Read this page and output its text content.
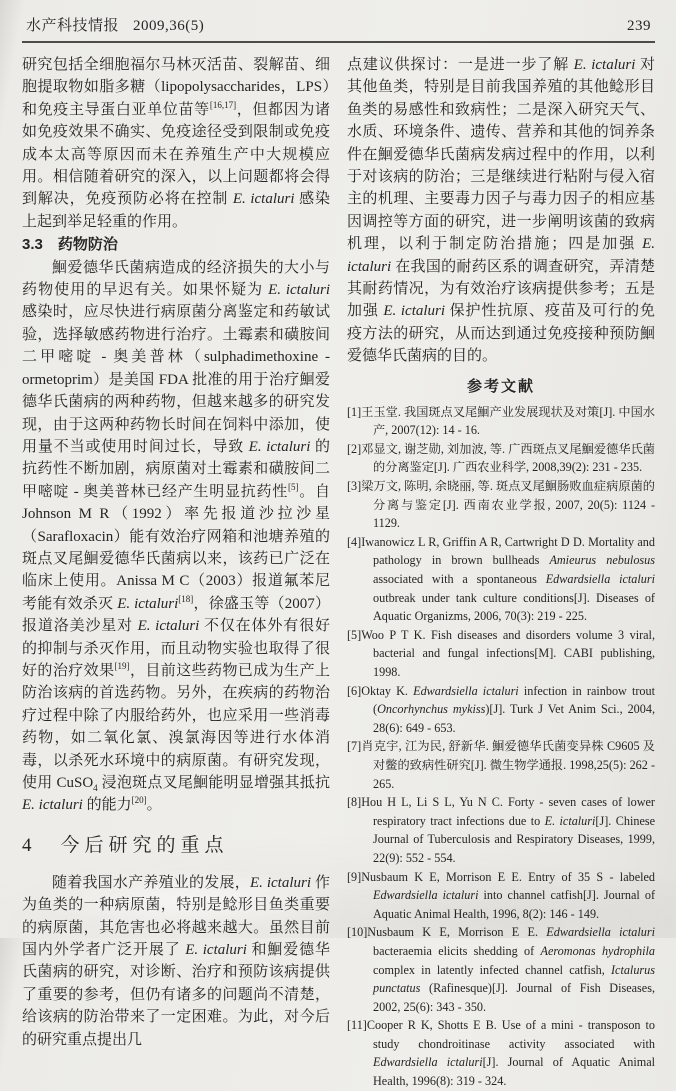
水产科技情报 2009,36(5)	239

研究包括全细胞福尔马林灭活苗、裂解苗、细胞提取物如脂多糖（lipopolysaccharides，LPS）和免疫主导蛋白亚单位苗等[16,17]，但都因为诸如免疫效果不确实、免疫途径受到限制或免疫成本太高等原因而未在养殖生产中大规模应用。相信随着研究的深入，以上问题都将会得到解决，免疫预防必将在控制 E. ictaluri 感染上起到举足轻重的作用。

3.3　药物防治

鮰爱德华氏菌病造成的经济损失的大小与药物使用的早迟有关。如果怀疑为 E. ictaluri 感染时，应尽快进行病原菌分离鉴定和药敏试验，选择敏感药物进行治疗。土霉素和磺胺间二甲嘧啶 - 奥美普林（sulphadimethoxine - ormetoprim）是美国 FDA 批准的用于治疗鮰爱德华氏菌病的两种药物，但越来越多的研究发现，由于这两种药物长时间在饲料中添加，使用量不当或使用时间过长，导致 E. ictaluri 的抗药性不断加剧，病原菌对土霉素和磺胺间二甲嘧啶 - 奥美普林已经产生明显抗药性[5]。自 Johnson M R（1992）率先报道沙拉沙星（Sarafloxacin）能有效治疗网箱和池塘养殖的斑点叉尾鮰爱德华氏菌病以来，该药已广泛在临床上使用。Anissa M C（2003）报道氟苯尼考能有效杀灭 E. ictaluri[18]，徐盛玉等（2007）报道洛美沙星对 E. ictaluri 不仅在体外有很好的抑制与杀灭作用，而且动物实验也取得了很好的治疗效果[19]，目前这些药物已成为生产上防治该病的首选药物。另外，在疾病的药物治疗过程中除了内服给药外，也应采用一些消毒药物，如二氧化氯、溴氯海因等进行水体消毒，以杀死水环境中的病原菌。有研究发现，使用 CuSO$_4$ 浸泡斑点叉尾鮰能明显增强其抵抗 E. ictaluri 的能力[20]。

4　今后研究的重点

随着我国水产养殖业的发展，E. ictaluri 作为鱼类的一种病原菌，特别是鲶形目鱼类重要的病原菌，其危害也必将越来越大。虽然目前国内外学者广泛开展了 E. ictaluri 和鮰爱德华氏菌病的研究，对诊断、治疗和预防该病提供了重要的参考，但仍有诸多的问题尚不清楚，给该病的防治带来了一定困难。为此，对今后的研究重点提出几

点建议供探讨：一是进一步了解 E. ictaluri 对其他鱼类，特别是目前我国养殖的其他鲶形目鱼类的易感性和致病性；二是深入研究天气、水质、环境条件、遗传、营养和其他的饲养条件在鮰爱德华氏菌病发病过程中的作用，以利于对该病的防治；三是继续进行粘附与侵入宿主的机理、主要毒力因子与毒力因子的相应基因调控等方面的研究，进一步阐明该菌的致病机理，以利于制定防治措施；四是加强 E. ictaluri 在我国的耐药区系的调查研究，弄清楚其耐药情况，为有效治疗该病提供参考；五是加强 E. ictaluri 保护性抗原、疫苗及可行的免疫方法的研究，从而达到通过免疫接种预防鮰爱德华氏菌病的目的。

参考文献
[1]王玉堂. 我国斑点叉尾鮰产业发展现状及对策[J]. 中国水产, 2007(12): 14 - 16.
[2]邓显文, 谢芝勋, 刘加波, 等. 广西斑点叉尾鮰爱德华氏菌的分离鉴定[J]. 广西农业科学, 2008,39(2): 231 - 235.
[3]梁万文, 陈明, 余晓丽, 等. 斑点叉尾鮰肠败血症病原菌的分离与鉴定[J]. 西南农业学报, 2007, 20(5): 1124 - 1129.
[4]Iwanowicz L R, Griffin A R, Cartwright D D. Mortality and pathology in brown bullheads Amieurus nebulosus associated with a spontaneous Edwardsiella ictaluri outbreak under tank culture conditions[J]. Diseases of Aquatic Organizms, 2006, 70(3): 219 - 225.
[5]Woo P T K. Fish diseases and disorders volume 3 viral, bacterial and fungal infections[M]. CABI publishing, 1998.
[6]Oktay K. Edwardsiella ictaluri infection in rainbow trout (Oncorhynchus mykiss)[J]. Turk J Vet Anim Sci., 2004, 28(6): 649 - 653.
[7]肖克宇, 江为民, 舒新华. 鮰爱德华氏菌变异株 C9605 及对鳖的致病性研究[J]. 微生物学通报. 1998,25(5): 262 - 265.
[8]Hou H L, Li S L, Yu N C. Forty - seven cases of lower respiratory tract infections due to E. ictaluri[J]. Chinese Journal of Tuberculosis and Respiratory Diseases, 1999, 22(9): 552 - 554.
[9]Nusbaum K E, Morrison E E. Entry of 35 S - labeled Edwardsiella ictaluri into channel catfish[J]. Journal of Aquatic Animal Health, 1996, 8(2): 146 - 149.
[10]Nusbaum K E, Morrison E E. Edwardsiella ictaluri bacteraemia elicits shedding of Aeromonas hydrophila complex in latently infected channel catfish, Ictalurus punctatus (Rafinesque)[J]. Journal of Fish Diseases, 2002, 25(6): 343 - 350.
[11]Cooper R K, Shotts E B. Use of a mini - transposon to study chondroitinase activity associated with Edwardsiella ictaluri[J]. Journal of Aquatic Animal Health, 1996(8): 319 - 324.
